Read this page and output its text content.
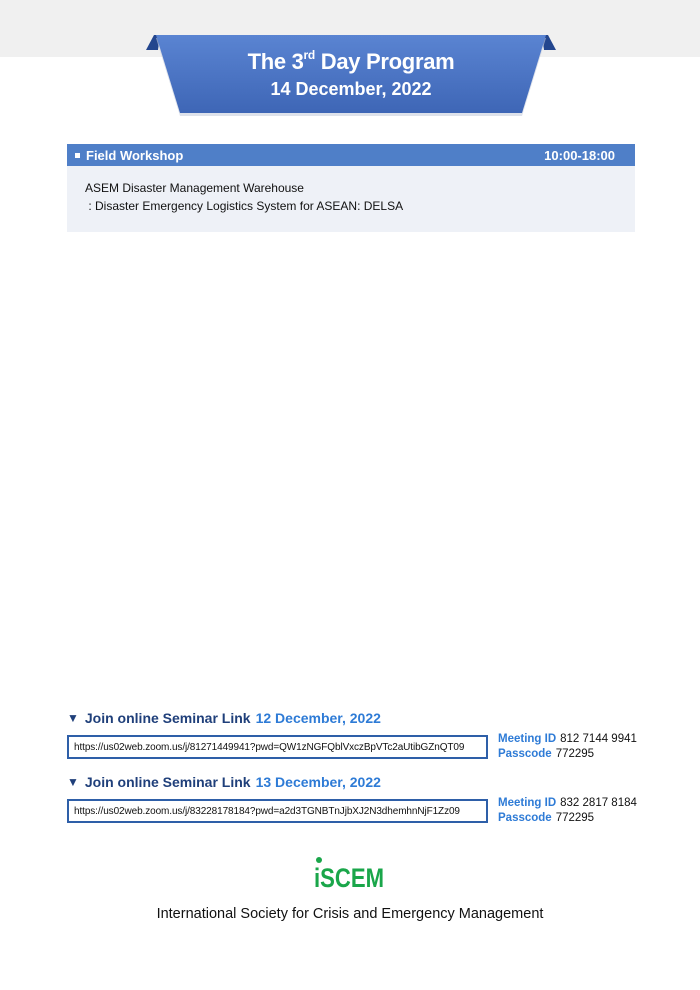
The 3rd Day Program
14 December, 2022
Field Workshop	10:00-18:00
ASEM Disaster Management Warehouse
: Disaster Emergency Logistics System for ASEAN: DELSA
▼ Join online Seminar Link 12 December, 2022
https://us02web.zoom.us/j/81271449941?pwd=QW1zNGFQblVxczBpVTc2aUtibGZnQT09
Meeting ID 812 7144 9941
Passcode 772295
▼ Join online Seminar Link 13 December, 2022
https://us02web.zoom.us/j/83228178184?pwd=a2d3TGNBTnJjbXJ2N3dhemhnNjF1Zz09
Meeting ID 832 2817 8184
Passcode 772295
iSCEM
International Society for Crisis and Emergency Management
